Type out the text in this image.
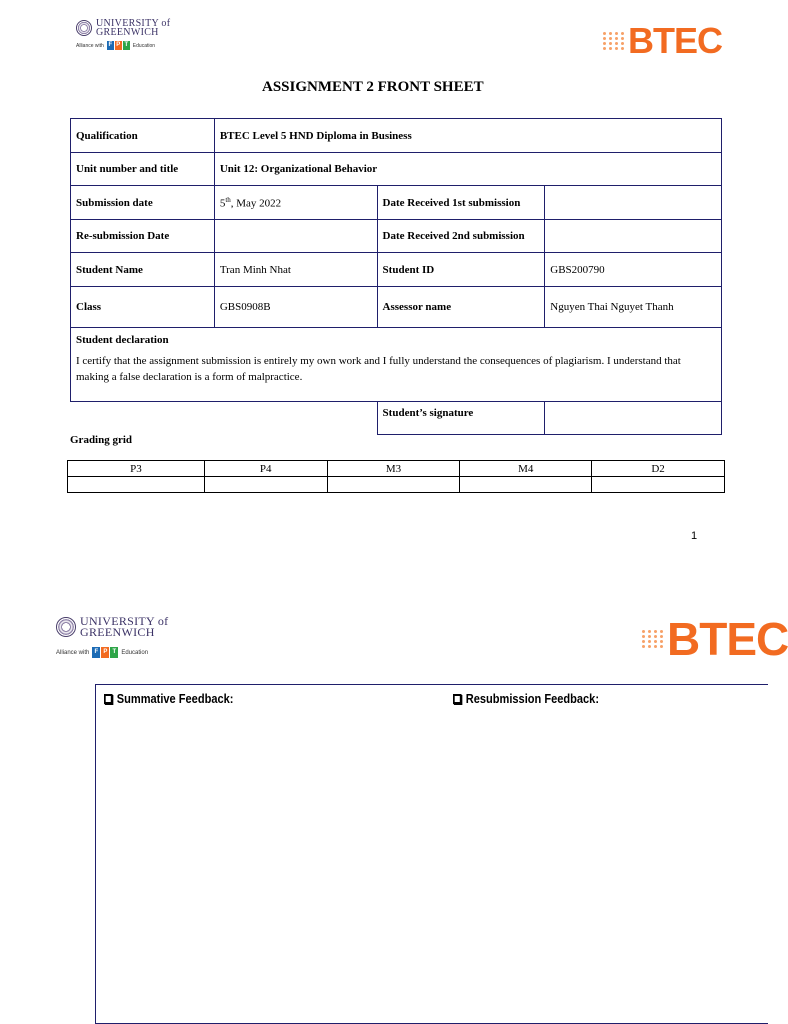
UNIVERSITY of
GREENWICH
Alliance with F P T Education	BTEC
ASSIGNMENT 2 FRONT SHEET
Qualification	BTEC Level 5 HND Diploma in Business		
Unit number and title	Unit 12: Organizational Behavior		
Submission date	5th, May 2022	Date Received 1st submission	
Re-submission Date		Date Received 2nd submission	
Student Name	Tran Minh Nhat	Student ID	GBS200790
Class	GBS0908B	Assessor name	Nguyen Thai Nguyet Thanh

Student declaration
I certify that the assignment submission is entirely my own work and I fully understand the consequences of plagiarism. I understand that making a false declaration is a form of malpractice.			

		Student’s signature	
Grading grid
P3	P4	M3	M4	D2

1
UNIVERSITY of
GREENWICH
Alliance with F P T Education	BTEC
Summative Feedback:	Resubmission Feedback:
